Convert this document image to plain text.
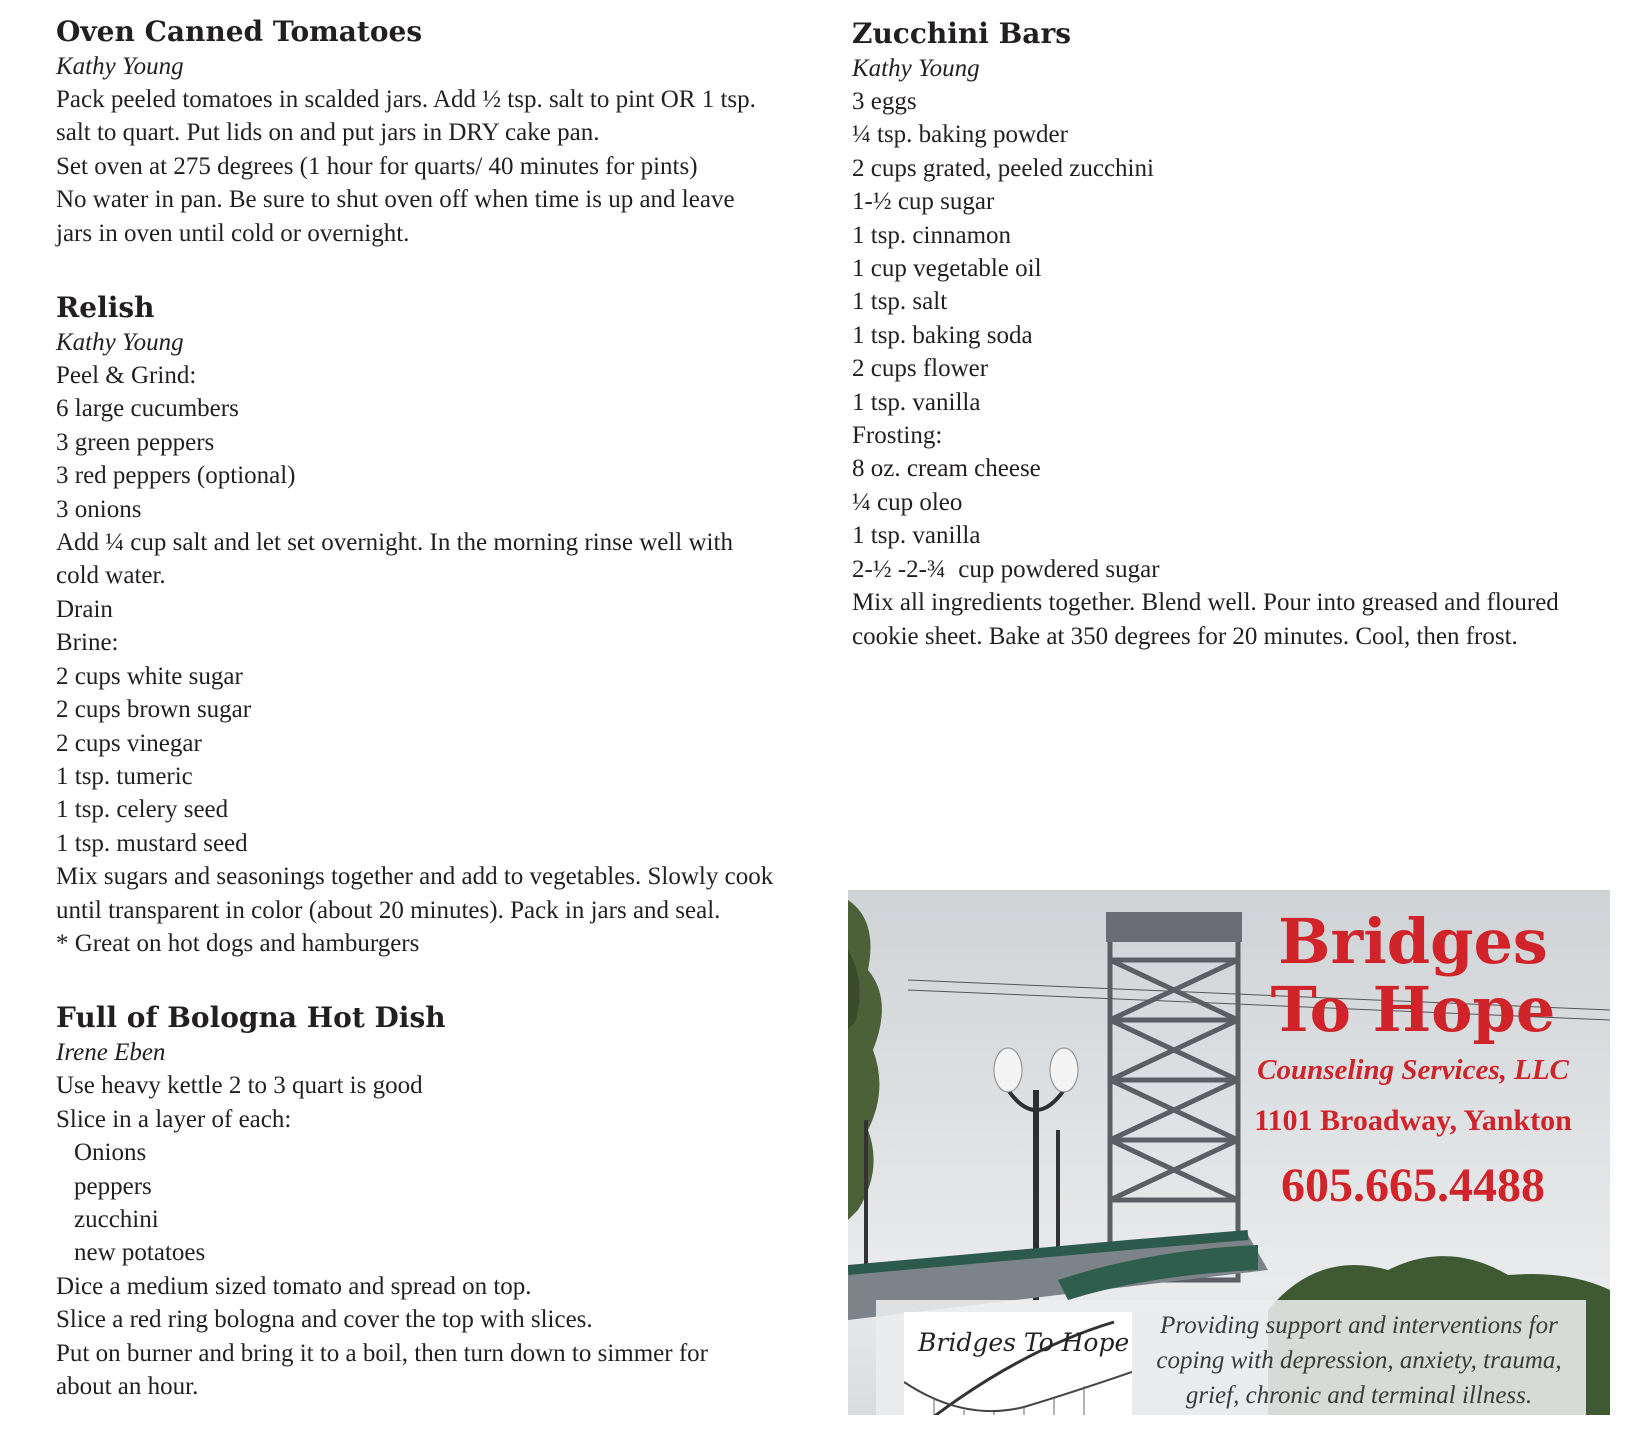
Oven Canned Tomatoes

Kathy Young

Pack peeled tomatoes in scalded jars. Add ½ tsp. salt to pint OR 1 tsp.

salt to quart. Put lids on and put jars in DRY cake pan.

Set oven at 275 degrees (1 hour for quarts/ 40 minutes for pints)

No water in pan. Be sure to shut oven off when time is up and leave

jars in oven until cold or overnight.

Relish

Kathy Young

Peel & Grind:

6 large cucumbers

3 green peppers

3 red peppers (optional)

3 onions

Add ¼ cup salt and let set overnight. In the morning rinse well with

cold water.

Drain

Brine:

2 cups white sugar

2 cups brown sugar

2 cups vinegar

1 tsp. tumeric

1 tsp. celery seed

1 tsp. mustard seed

Mix sugars and seasonings together and add to vegetables. Slowly cook

until transparent in color (about 20 minutes). Pack in jars and seal.

* Great on hot dogs and hamburgers

Full of Bologna Hot Dish

Irene Eben

Use heavy kettle 2 to 3 quart is good

Slice in a layer of each:

Onions

peppers

zucchini

new potatoes

Dice a medium sized tomato and spread on top.

Slice a red ring bologna and cover the top with slices.

Put on burner and bring it to a boil, then turn down to simmer for

about an hour.

Zucchini Bars

Kathy Young

3 eggs

¼ tsp. baking powder

2 cups grated, peeled zucchini

1-½ cup sugar

1 tsp. cinnamon

1 cup vegetable oil

1 tsp. salt

1 tsp. baking soda

2 cups flower

1 tsp. vanilla

Frosting:

8 oz. cream cheese

¼ cup oleo

1 tsp. vanilla

2-½ -2-¾  cup powdered sugar

Mix all ingredients together. Blend well. Pour into greased and floured

cookie sheet. Bake at 350 degrees for 20 minutes. Cool, then frost.

Bridges
To Hope
Counseling Services, LLC
1101 Broadway, Yankton
605.665.4488
Bridges To Hope
Providing support and interventions for coping with depression, anxiety, trauma, grief, chronic and terminal illness.
